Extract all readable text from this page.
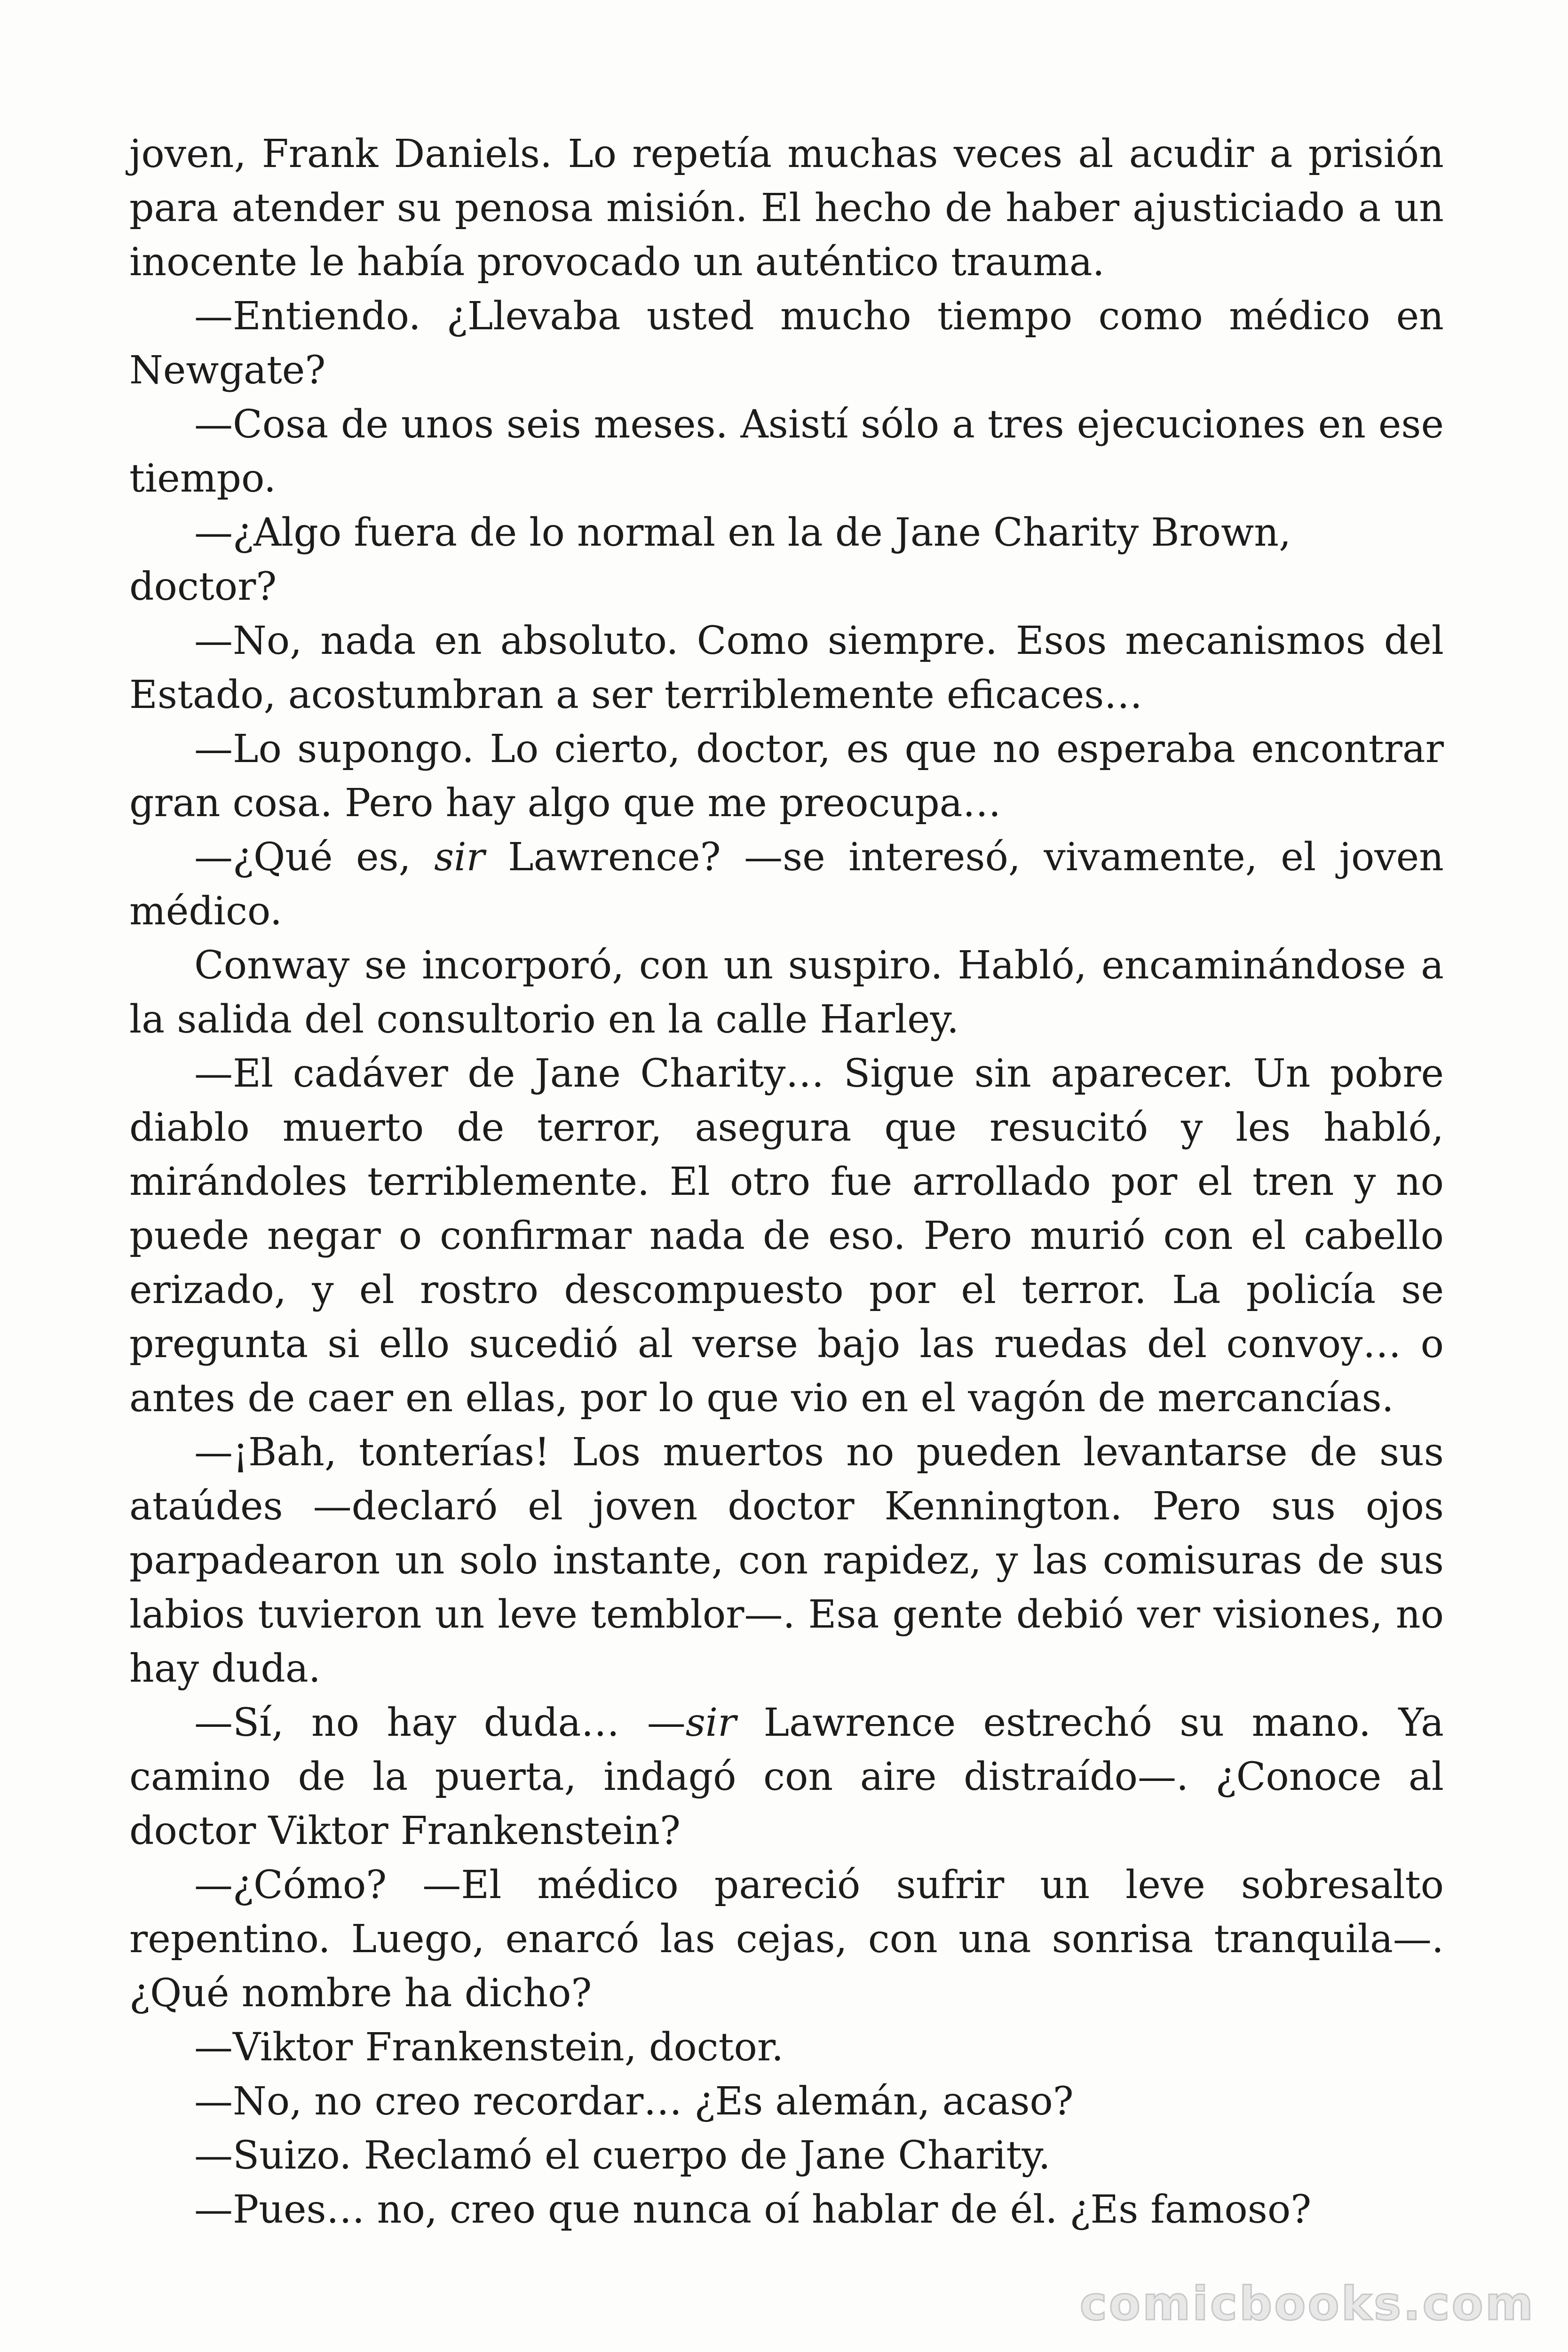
joven, Frank Daniels. Lo repetía muchas veces al acudir a prisión para atender su penosa misión. El hecho de haber ajusticiado a un inocente le había provocado un auténtico trauma.

—Entiendo. ¿Llevaba usted mucho tiempo como médico en Newgate?

—Cosa de unos seis meses. Asistí sólo a tres ejecuciones en ese tiempo.

—¿Algo fuera de lo normal en la de Jane Charity Brown, doctor?

—No, nada en absoluto. Como siempre. Esos mecanismos del Estado, acostumbran a ser terriblemente eficaces…

—Lo supongo. Lo cierto, doctor, es que no esperaba encontrar gran cosa. Pero hay algo que me preocupa…

—¿Qué es, sir Lawrence? —se interesó, vivamente, el joven médico.

Conway se incorporó, con un suspiro. Habló, encaminándose a la salida del consultorio en la calle Harley.

—El cadáver de Jane Charity… Sigue sin aparecer. Un pobre diablo muerto de terror, asegura que resucitó y les habló, mirándoles terriblemente. El otro fue arrollado por el tren y no puede negar o confirmar nada de eso. Pero murió con el cabello erizado, y el rostro descompuesto por el terror. La policía se pregunta si ello sucedió al verse bajo las ruedas del convoy… o antes de caer en ellas, por lo que vio en el vagón de mercancías.

—¡Bah, tonterías! Los muertos no pueden levantarse de sus ataúdes —declaró el joven doctor Kennington. Pero sus ojos parpadearon un solo instante, con rapidez, y las comisuras de sus labios tuvieron un leve temblor—. Esa gente debió ver visiones, no hay duda.

—Sí, no hay duda… —sir Lawrence estrechó su mano. Ya camino de la puerta, indagó con aire distraído—. ¿Conoce al doctor Viktor Frankenstein?

—¿Cómo? —El médico pareció sufrir un leve sobresalto repentino. Luego, enarcó las cejas, con una sonrisa tranquila—. ¿Qué nombre ha dicho?

—Viktor Frankenstein, doctor.

—No, no creo recordar… ¿Es alemán, acaso?

—Suizo. Reclamó el cuerpo de Jane Charity.

—Pues… no, creo que nunca oí hablar de él. ¿Es famoso?

comicbooks.com
